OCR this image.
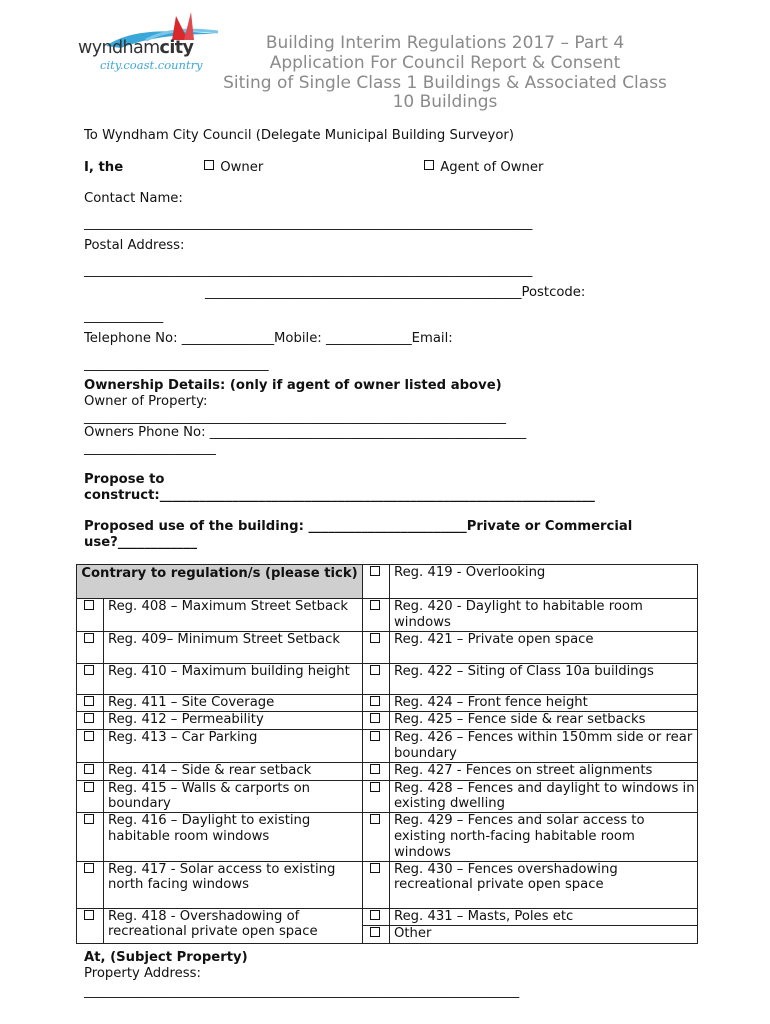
wyndhamcity
city.coast.country
Building Interim Regulations 2017 – Part 4
Application For Council Report & Consent
Siting of Single Class 1 Buildings & Associated Class
10 Buildings
To Wyndham City Council (Delegate Municipal Building Surveyor)
I, the	Owner	Agent of Owner
Contact Name:
____________________________________________________________________
Postal Address:
____________________________________________________________________
________________________________________________Postcode:
____________
Telephone No: ______________Mobile: _____________Email:
____________________________
Ownership Details: (only if agent of owner listed above)
Owner of Property:
________________________________________________________________
Owners Phone No: ________________________________________________
____________________
Propose to
construct:__________________________________________________________________
Proposed use of the building: ________________________Private or Commercial
use?____________
Contrary to regulation/s (please tick)			Reg. 419 - Overlooking
	Reg. 408 – Maximum Street Setback		Reg. 420 - Daylight to habitable room windows
	Reg. 409– Minimum Street Setback		Reg. 421 – Private open space
	Reg. 410 – Maximum building height		Reg. 422 – Siting of Class 10a buildings
	Reg. 411 – Site Coverage		Reg. 424 – Front fence height
	Reg. 412 – Permeability		Reg. 425 – Fence side & rear setbacks
	Reg. 413 – Car Parking		Reg. 426 – Fences within 150mm side or rear boundary
	Reg. 414 – Side & rear setback		Reg. 427 - Fences on street alignments
	Reg. 415 – Walls & carports on boundary		Reg. 428 – Fences and daylight to windows in existing dwelling
	Reg. 416 – Daylight to existing habitable room windows		Reg. 429 – Fences and solar access to existing north-facing habitable room windows
	Reg. 417 - Solar access to existing north facing windows		Reg. 430 – Fences overshadowing recreational private open space
	Reg. 418 - Overshadowing of recreational private open space		Reg. 431 – Masts, Poles etc
			Other
At, (Subject Property)
Property Address:
__________________________________________________________________
